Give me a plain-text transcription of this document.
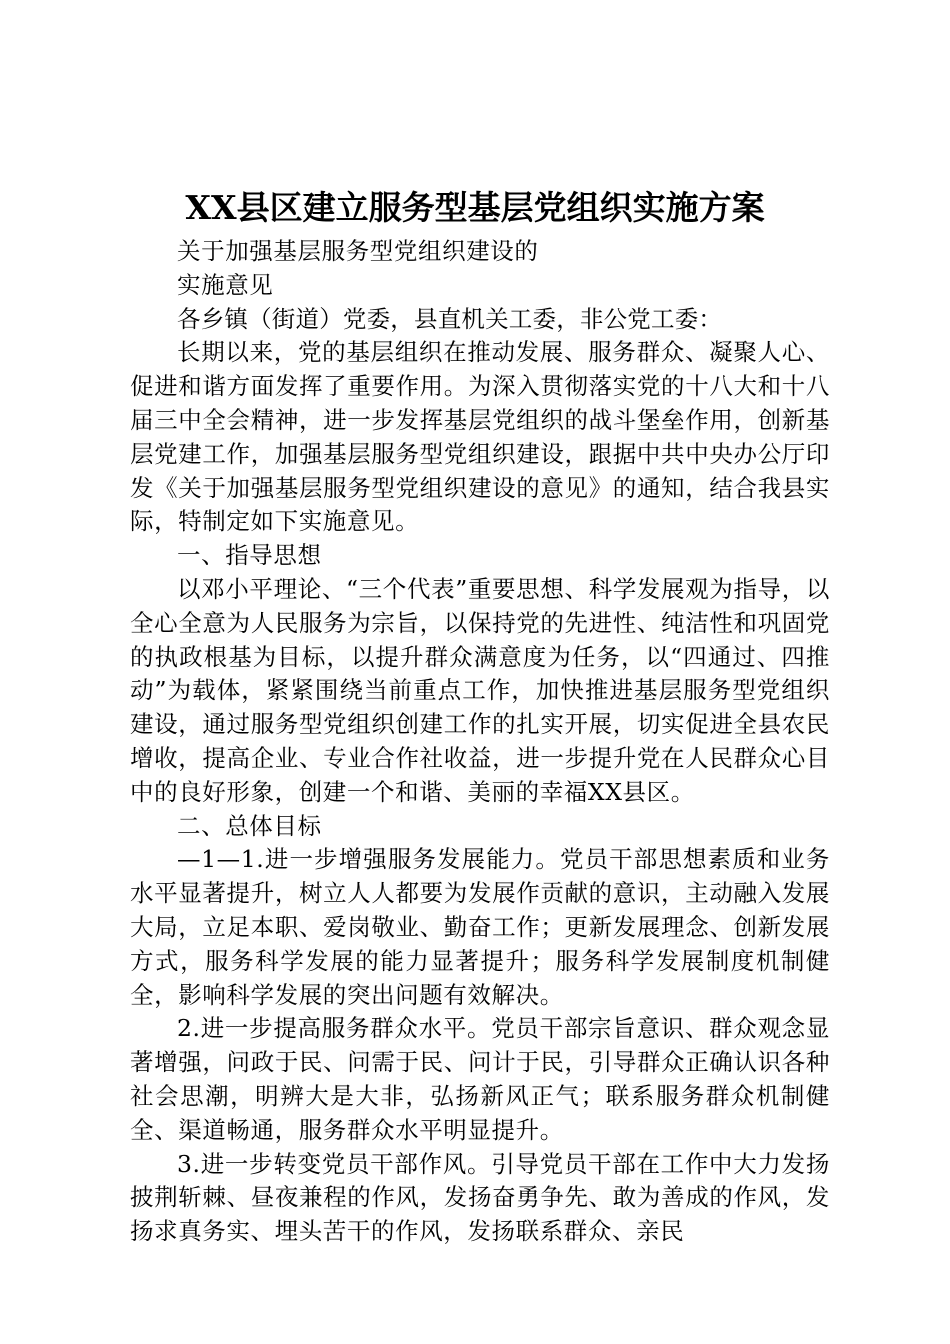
XX县区建立服务型基层党组织实施方案

关于加强基层服务型党组织建设的

实施意见

各乡镇（街道）党委，县直机关工委，非公党工委：

长期以来，党的基层组织在推动发展、服务群众、凝聚人心、促进和谐方面发挥了重要作用。为深入贯彻落实党的十八大和十八届三中全会精神，进一步发挥基层党组织的战斗堡垒作用，创新基层党建工作，加强基层服务型党组织建设，跟据中共中央办公厅印发《关于加强基层服务型党组织建设的意见》的通知，结合我县实际，特制定如下实施意见。

一、指导思想

以邓小平理论、“三个代表”重要思想、科学发展观为指导，以全心全意为人民服务为宗旨，以保持党的先进性、纯洁性和巩固党的执政根基为目标，以提升群众满意度为任务，以“四通过、四推动”为载体，紧紧围绕当前重点工作，加快推进基层服务型党组织建设，通过服务型党组织创建工作的扎实开展，切实促进全县农民增收，提高企业、专业合作社收益，进一步提升党在人民群众心目中的良好形象，创建一个和谐、美丽的幸福XX县区。

二、总体目标

—1—1.进一步增强服务发展能力。党员干部思想素质和业务水平显著提升，树立人人都要为发展作贡献的意识，主动融入发展大局，立足本职、爱岗敬业、勤奋工作；更新发展理念、创新发展方式，服务科学发展的能力显著提升；服务科学发展制度机制健全，影响科学发展的突出问题有效解决。

2.进一步提高服务群众水平。党员干部宗旨意识、群众观念显著增强，问政于民、问需于民、问计于民，引导群众正确认识各种社会思潮，明辨大是大非，弘扬新风正气；联系服务群众机制健全、渠道畅通，服务群众水平明显提升。

3.进一步转变党员干部作风。引导党员干部在工作中大力发扬披荆斩棘、昼夜兼程的作风，发扬奋勇争先、敢为善成的作风，发扬求真务实、埋头苦干的作风，发扬联系群众、亲民
